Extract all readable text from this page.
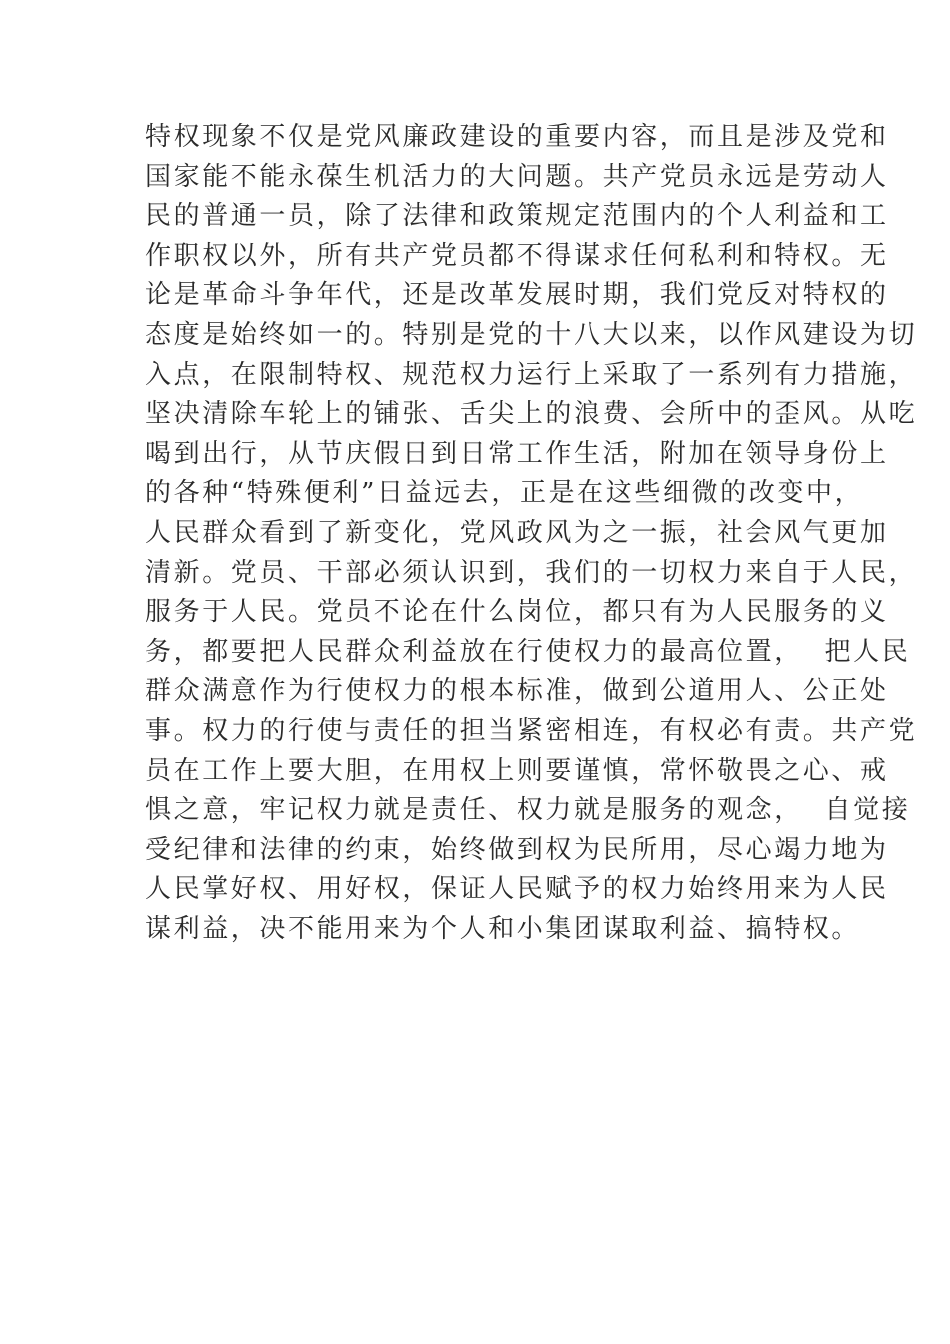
特权现象不仅是党风廉政建设的重要内容，而且是涉及党和
国家能不能永葆生机活力的大问题。共产党员永远是劳动人
民的普通一员，除了法律和政策规定范围内的个人利益和工
作职权以外，所有共产党员都不得谋求任何私利和特权。无
论是革命斗争年代，还是改革发展时期，我们党反对特权的
态度是始终如一的。特别是党的十八大以来，以作风建设为切
入点，在限制特权、规范权力运行上采取了一系列有力措施，
坚决清除车轮上的铺张、舌尖上的浪费、会所中的歪风。从吃
喝到出行，从节庆假日到日常工作生活，附加在领导身份上
的各种“特殊便利”日益远去，正是在这些细微的改变中，
人民群众看到了新变化，党风政风为之一振，社会风气更加
清新。党员、干部必须认识到，我们的一切权力来自于人民，
服务于人民。党员不论在什么岗位，都只有为人民服务的义
务，都要把人民群众利益放在行使权力的最高位置，  把人民
群众满意作为行使权力的根本标准，做到公道用人、公正处
事。权力的行使与责任的担当紧密相连，有权必有责。共产党
员在工作上要大胆，在用权上则要谨慎，常怀敬畏之心、戒
惧之意，牢记权力就是责任、权力就是服务的观念，  自觉接
受纪律和法律的约束，始终做到权为民所用，尽心竭力地为
人民掌好权、用好权，保证人民赋予的权力始终用来为人民
谋利益，决不能用来为个人和小集团谋取利益、搞特权。
